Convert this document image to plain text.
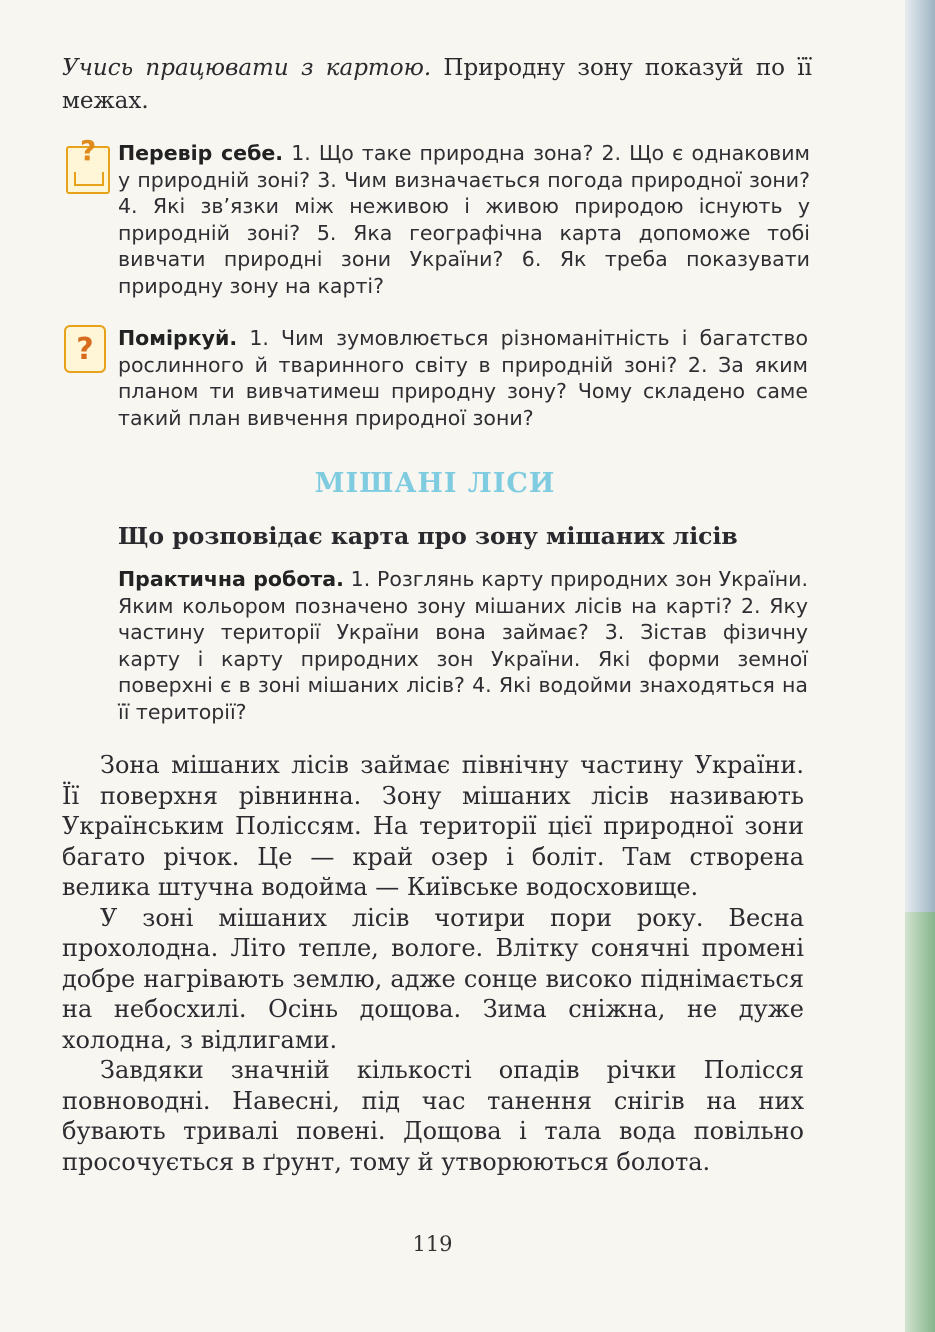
Учись працювати з картою. Природну зону показуй по її межах.
? Перевір себе. 1. Що таке природна зона? 2. Що є однаковим у природній зоні? 3. Чим визначається погода природної зони? 4. Які зв’язки між неживою і живою природою існують у природній зоні? 5. Яка географічна карта допоможе тобі вивчати природні зони України? 6. Як треба показувати природну зону на карті?
? Поміркуй. 1. Чим зумовлюється різноманітність і багатство рослинного й тваринного світу в природній зоні? 2. За яким планом ти вивчатимеш природну зону? Чому складено саме такий план вивчення природної зони?
МІШАНІ ЛІСИ
Що розповідає карта про зону мішаних лісів
Практична робота. 1. Розглянь карту природних зон України. Яким кольором позначено зону мішаних лісів на карті? 2. Яку частину території України вона займає? 3. Зістав фізичну карту і карту природних зон України. Які форми земної поверхні є в зоні мішаних лісів? 4. Які водойми знаходяться на її території?

Зона мішаних лісів займає північну частину України. Її поверхня рівнинна. Зону мішаних лісів називають Українським Поліссям. На території цієї природної зони багато річок. Це — край озер і боліт. Там створена велика штучна водойма — Київське водосховище.

У зоні мішаних лісів чотири пори року. Весна прохолодна. Літо тепле, вологе. Влітку сонячні промені добре нагрівають землю, адже сонце високо піднімається на небосхилі. Осінь дощова. Зима сніжна, не дуже холодна, з відлигами.

Завдяки значній кількості опадів річки Полісся повноводні. Навесні, під час танення снігів на них бувають тривалі повені. Дощова і тала вода повільно просочується в ґрунт, тому й утворюються болота.

119
